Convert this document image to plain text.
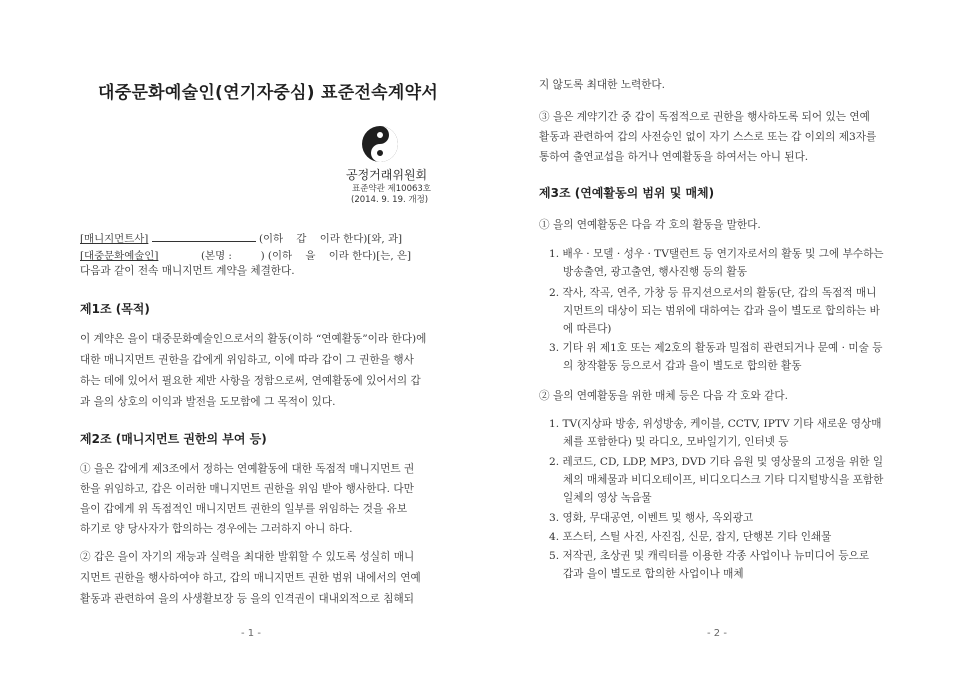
대중문화예술인(연기자중심) 표준전속계약서
공정거래위원회
표준약관 제10063호
(2014. 9. 19. 개정)
[매니지먼트사]	(이하 갑 이라 한다)[와, 과]
[대중문화예술인]	(본명 :	) (이하 을 이라 한다)[는, 은]
다음과 같이 전속 매니지먼트 계약을 체결한다.
제1조 (목적)
이 계약은 을이 대중문화예술인으로서의 활동(이하 “연예활동”이라 한다)에
대한 매니지먼트 권한을 갑에게 위임하고, 이에 따라 갑이 그 권한을 행사
하는 데에 있어서 필요한 제반 사항을 정함으로써, 연예활동에 있어서의 갑
과 을의 상호의 이익과 발전을 도모함에 그 목적이 있다.
제2조 (매니지먼트 권한의 부여 등)
① 을은 갑에게 제3조에서 정하는 연예활동에 대한 독점적 매니지먼트 권
한을 위임하고, 갑은 이러한 매니지먼트 권한을 위임 받아 행사한다. 다만
을이 갑에게 위 독점적인 매니지먼트 권한의 일부를 위임하는 것을 유보
하기로 양 당사자가 합의하는 경우에는 그러하지 아니 하다.
② 갑은 을이 자기의 재능과 실력을 최대한 발휘할 수 있도록 성실히 매니
지먼트 권한을 행사하여야 하고, 갑의 매니지먼트 권한 범위 내에서의 연예
활동과 관련하여 을의 사생활보장 등 을의 인격권이 대내외적으로 침해되
- 1 -
지 않도록 최대한 노력한다.
③ 을은 계약기간 중 갑이 독점적으로 권한을 행사하도록 되어 있는 연예
활동과 관련하여 갑의 사전승인 없이 자기 스스로 또는 갑 이외의 제3자를
통하여 출연교섭을 하거나 연예활동을 하여서는 아니 된다.
제3조 (연예활동의 범위 및 매체)
① 을의 연예활동은 다음 각 호의 활동을 말한다.
1. 배우 · 모델 · 성우 · TV탤런트 등 연기자로서의 활동 및 그에 부수하는
방송출연, 광고출연, 행사진행 등의 활동
2. 작사, 작곡, 연주, 가창 등 뮤지션으로서의 활동(단, 갑의 독점적 매니
지먼트의 대상이 되는 범위에 대하여는 갑과 을이 별도로 합의하는 바
에 따른다)
3. 기타 위 제1호 또는 제2호의 활동과 밀접히 관련되거나 문예 · 미술 등
의 창작활동 등으로서 갑과 을이 별도로 합의한 활동
② 을의 연예활동을 위한 매체 등은 다음 각 호와 같다.
1. TV(지상파 방송, 위성방송, 케이블, CCTV, IPTV 기타 새로운 영상매
체를 포함한다) 및 라디오, 모바일기기, 인터넷 등
2. 레코드, CD, LDP, MP3, DVD 기타 음원 및 영상물의 고정을 위한 일
체의 매체물과 비디오테이프, 비디오디스크 기타 디지털방식을 포함한
일체의 영상 녹음물
3. 영화, 무대공연, 이벤트 및 행사, 옥외광고
4. 포스터, 스틸 사진, 사진집, 신문, 잡지, 단행본 기타 인쇄물
5. 저작권, 초상권 및 캐릭터를 이용한 각종 사업이나 뉴미디어 등으로
갑과 을이 별도로 합의한 사업이나 매체
- 2 -
